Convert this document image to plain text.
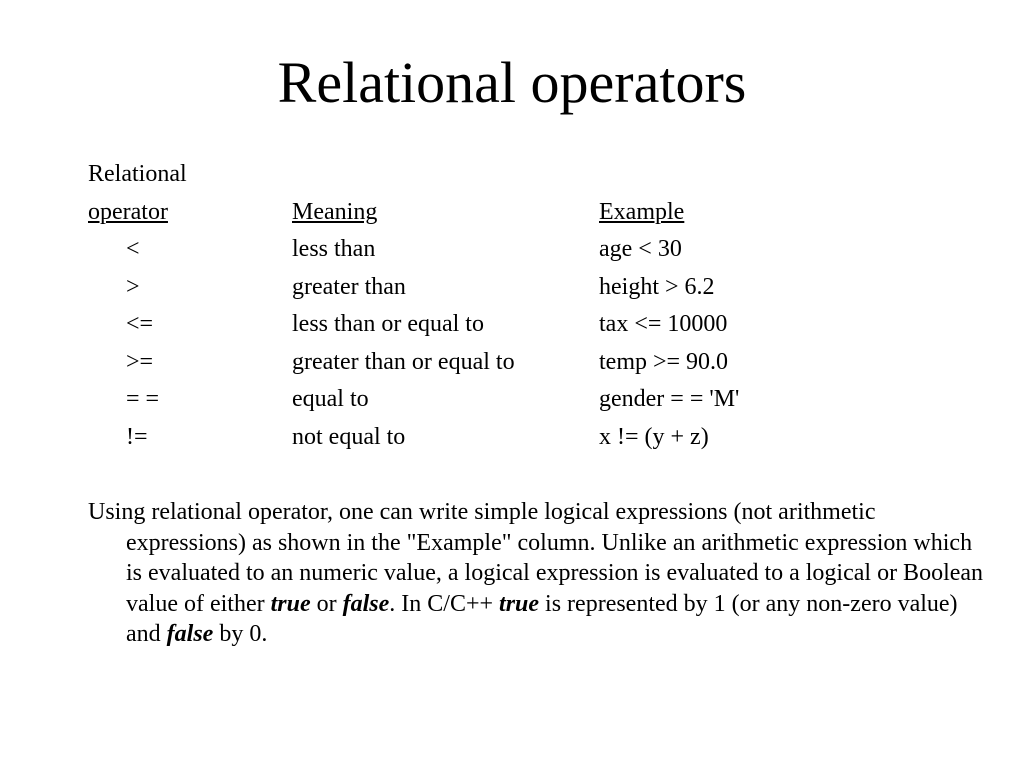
Relational operators
Relational
operator	Meaning	Example
<	less than	age < 30
>	greater than	height > 6.2
<=	less than or equal to	tax <= 10000
>=	greater than or equal to	temp >= 90.0
= =	equal to	gender = = 'M'
!=	not equal to	x != (y + z)

Using relational operator, one can write simple logical expressions (not arithmetic expressions) as shown in the "Example" column. Unlike an arithmetic expression which is evaluated to an numeric value, a logical expression is evaluated to a logical or Boolean value of either true or false. In C/C++ true is represented by 1 (or any non-zero value) and false by 0.
